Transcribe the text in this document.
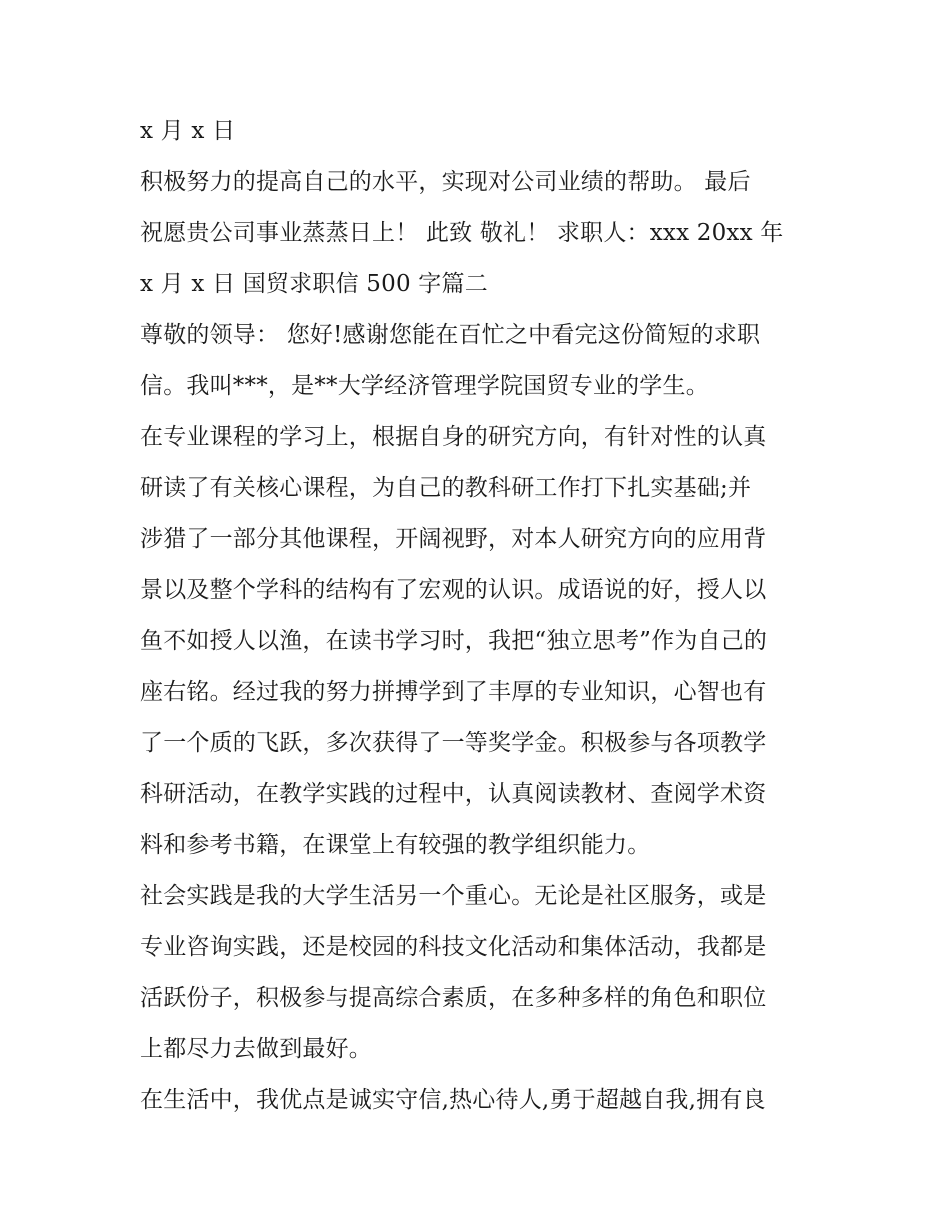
x 月 x 日

积极努力的提高自己的水平，实现对公司业绩的帮助。 最后
祝愿贵公司事业蒸蒸日上！ 此致 敬礼！ 求职人：xxx 20xx 年
x 月 x 日 国贸求职信 500 字篇二

尊敬的领导： 您好!感谢您能在百忙之中看完这份简短的求职
信。我叫***，是**大学经济管理学院国贸专业的学生。

在专业课程的学习上，根据自身的研究方向，有针对性的认真
研读了有关核心课程，为自己的教科研工作打下扎实基础;并
涉猎了一部分其他课程，开阔视野，对本人研究方向的应用背
景以及整个学科的结构有了宏观的认识。成语说的好，授人以
鱼不如授人以渔，在读书学习时，我把“独立思考”作为自己的
座右铭。经过我的努力拼搏学到了丰厚的专业知识，心智也有
了一个质的飞跃，多次获得了一等奖学金。积极参与各项教学
科研活动，在教学实践的过程中，认真阅读教材、查阅学术资
料和参考书籍，在课堂上有较强的教学组织能力。

社会实践是我的大学生活另一个重心。无论是社区服务，或是
专业咨询实践，还是校园的科技文化活动和集体活动，我都是
活跃份子，积极参与提高综合素质，在多种多样的角色和职位
上都尽力去做到最好。

在生活中，我优点是诚实守信,热心待人,勇于超越自我,拥有良
